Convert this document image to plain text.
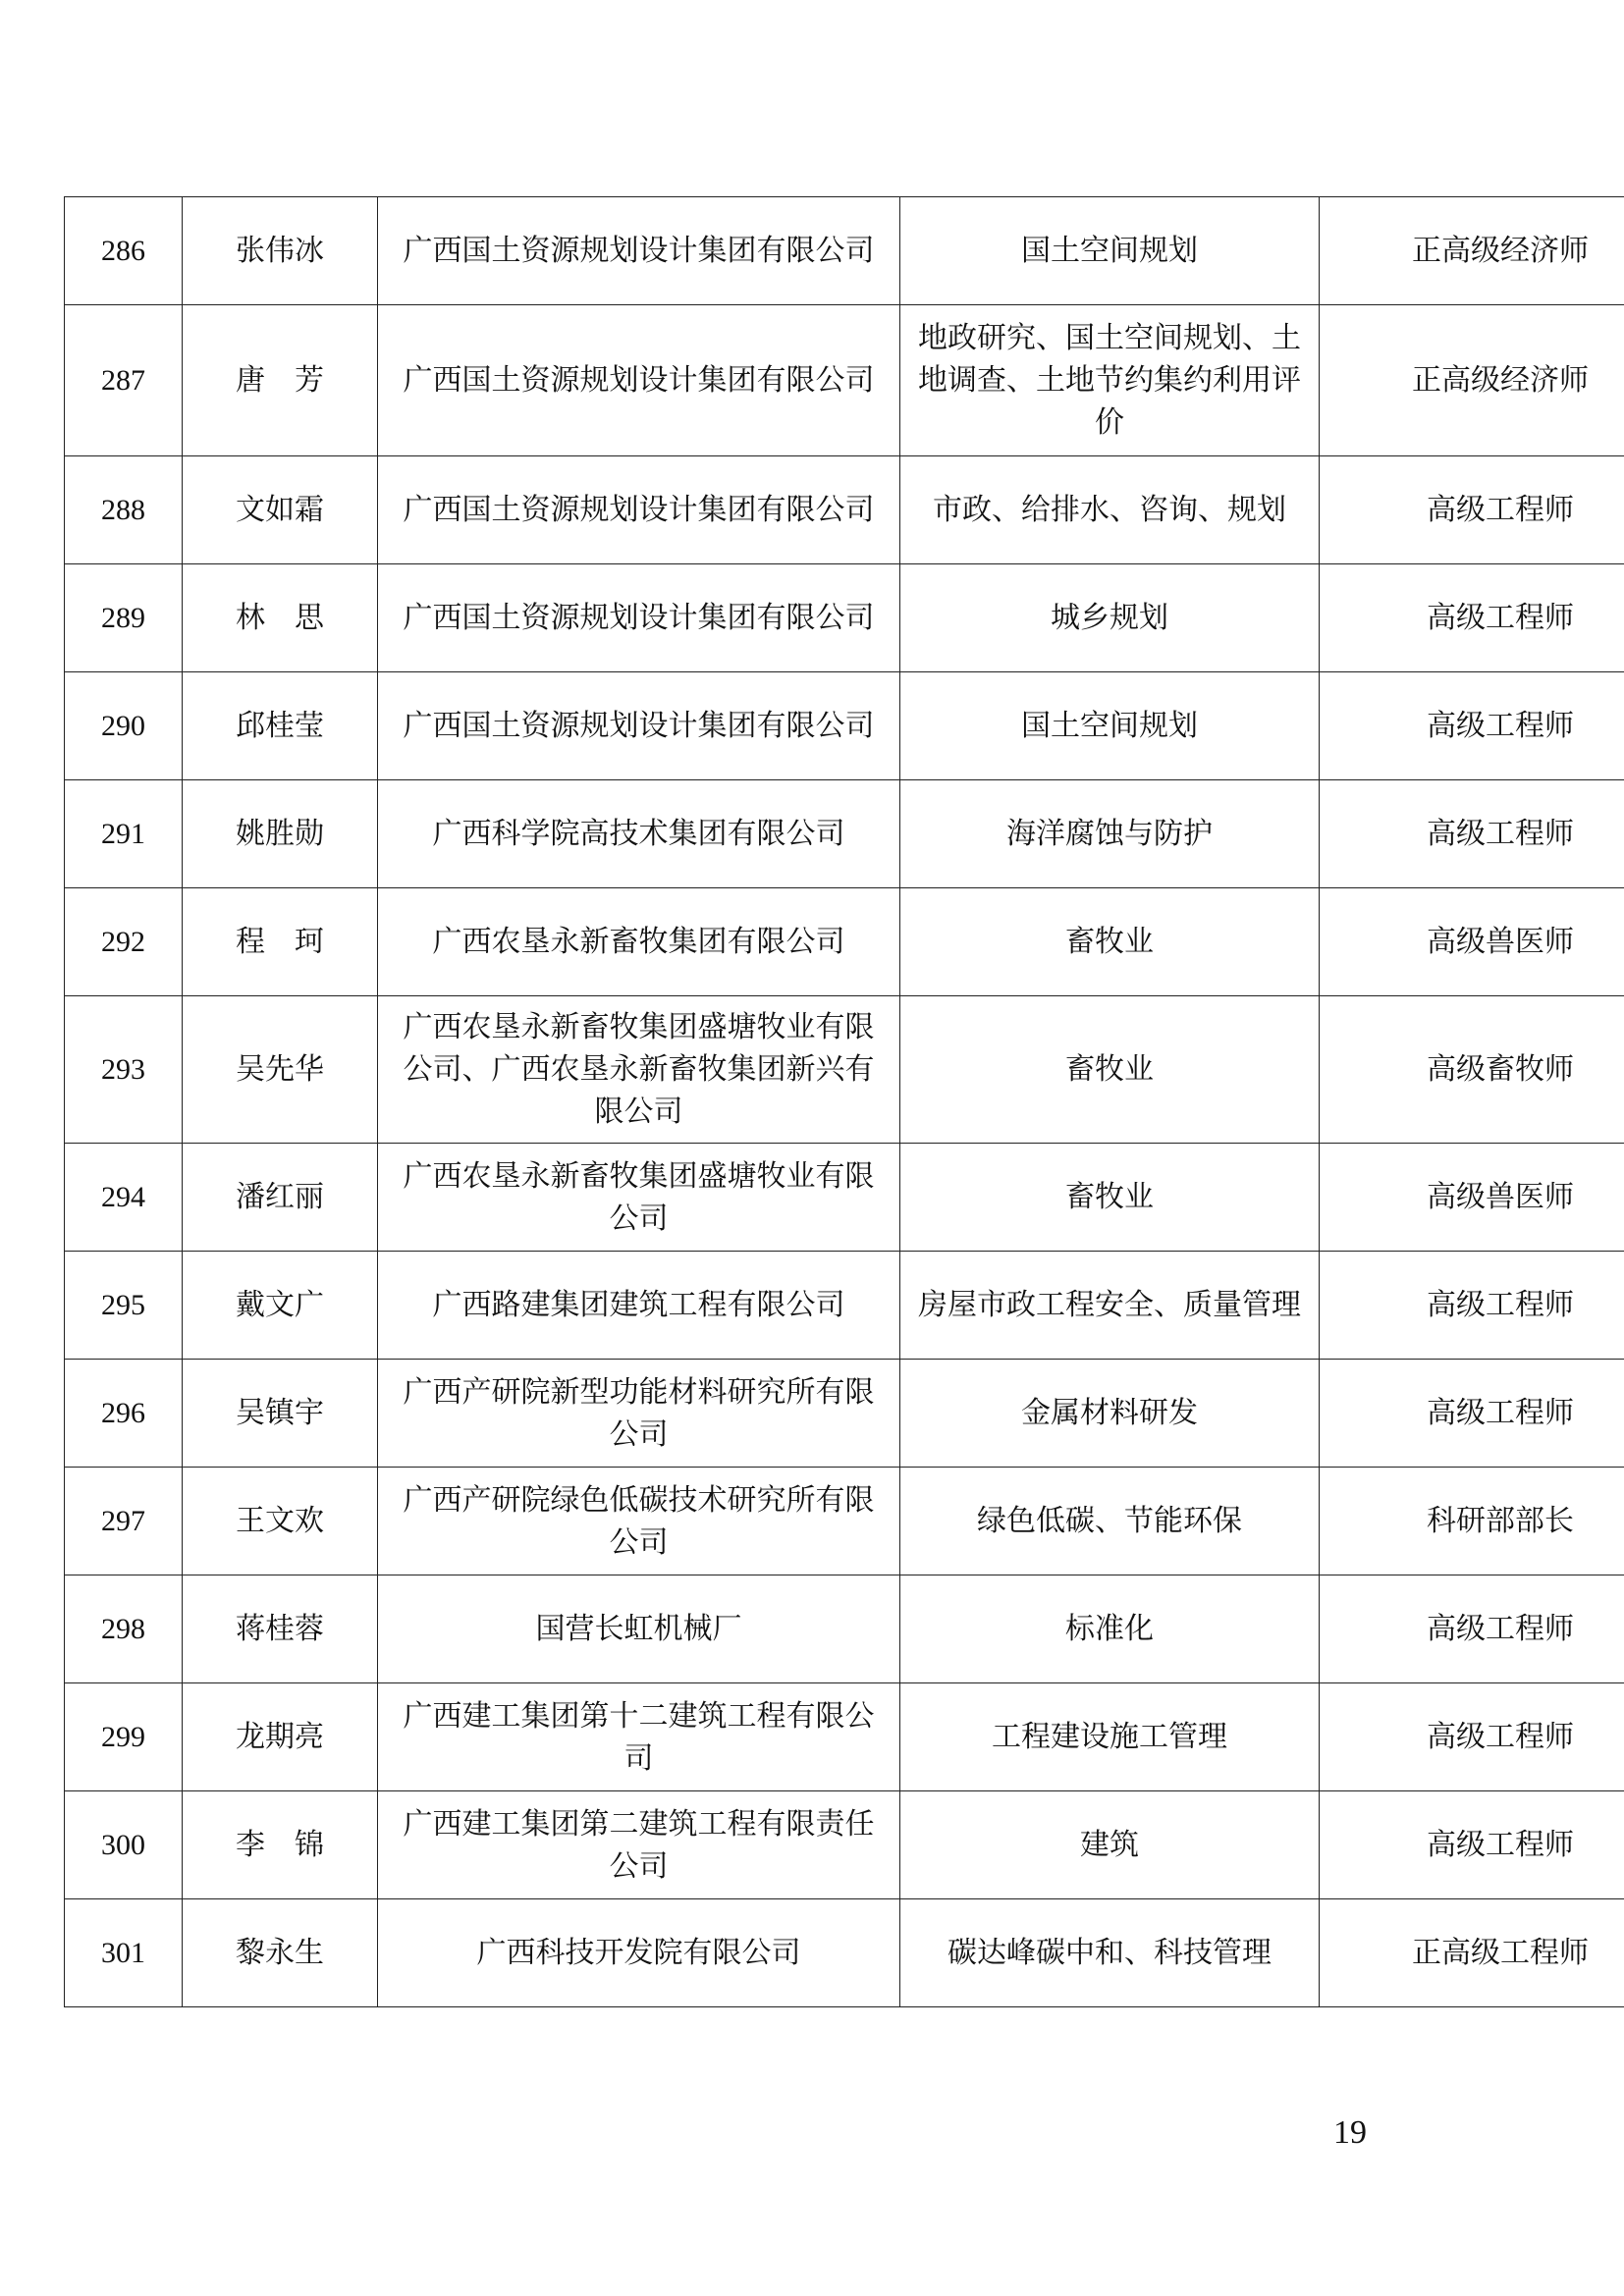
286	张伟冰	广西国土资源规划设计集团有限公司	国土空间规划	正高级经济师
287	唐　芳	广西国土资源规划设计集团有限公司	地政研究、国土空间规划、土地调查、土地节约集约利用评价	正高级经济师
288	文如霜	广西国土资源规划设计集团有限公司	市政、给排水、咨询、规划	高级工程师
289	林　思	广西国土资源规划设计集团有限公司	城乡规划	高级工程师
290	邱桂莹	广西国土资源规划设计集团有限公司	国土空间规划	高级工程师
291	姚胜勋	广西科学院高技术集团有限公司	海洋腐蚀与防护	高级工程师
292	程　珂	广西农垦永新畜牧集团有限公司	畜牧业	高级兽医师
293	吴先华	广西农垦永新畜牧集团盛塘牧业有限公司、广西农垦永新畜牧集团新兴有限公司	畜牧业	高级畜牧师
294	潘红丽	广西农垦永新畜牧集团盛塘牧业有限公司	畜牧业	高级兽医师
295	戴文广	广西路建集团建筑工程有限公司	房屋市政工程安全、质量管理	高级工程师
296	吴镇宇	广西产研院新型功能材料研究所有限公司	金属材料研发	高级工程师
297	王文欢	广西产研院绿色低碳技术研究所有限公司	绿色低碳、节能环保	科研部部长
298	蒋桂蓉	国营长虹机械厂	标准化	高级工程师
299	龙期亮	广西建工集团第十二建筑工程有限公司	工程建设施工管理	高级工程师
300	李　锦	广西建工集团第二建筑工程有限责任公司	建筑	高级工程师
301	黎永生	广西科技开发院有限公司	碳达峰碳中和、科技管理	正高级工程师
19
